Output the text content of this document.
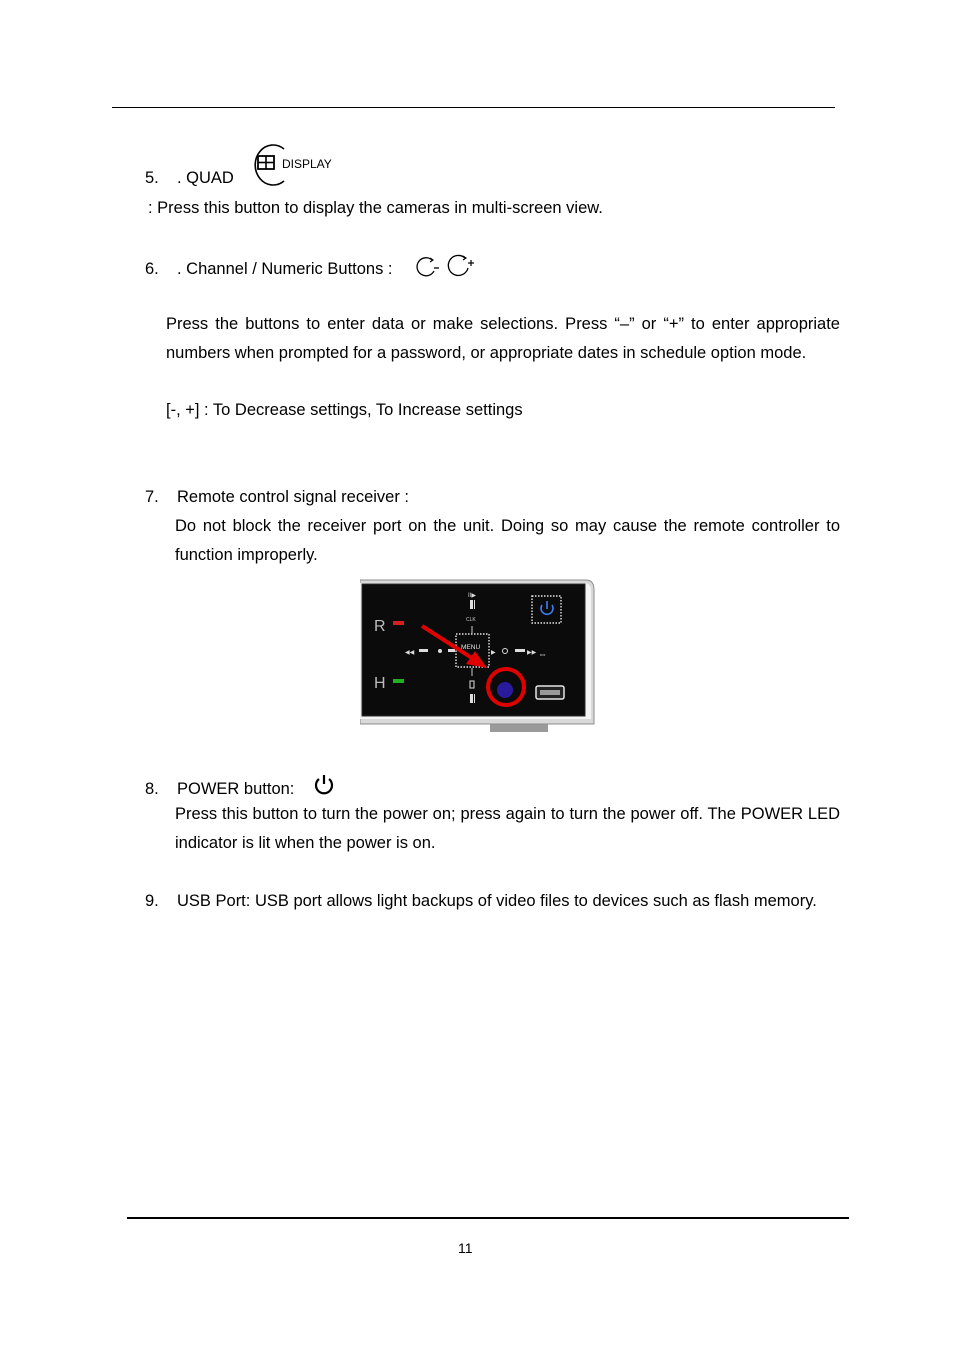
5. . QUAD
DISPLAY
: Press this button to display the cameras in multi-screen view.
6. . Channel / Numeric Buttons :

Press the buttons to enter data or make selections. Press “–” or “+” to enter appropriate numbers when prompted for a password, or appropriate dates in schedule option mode.

[-, +] : To Decrease settings, To Increase settings
7. Remote control signal receiver :

Do not block the receiver port on the unit. Doing so may cause the remote controller to function improperly.

R
H
II▶
CLK
MENU
◀◀	▶	▶▶ ⇔
8. POWER button:

Press this button to turn the power on; press again to turn the power off. The POWER LED indicator is lit when the power is on.

9. USB Port: USB port allows light backups of video files to devices such as flash memory.

11
